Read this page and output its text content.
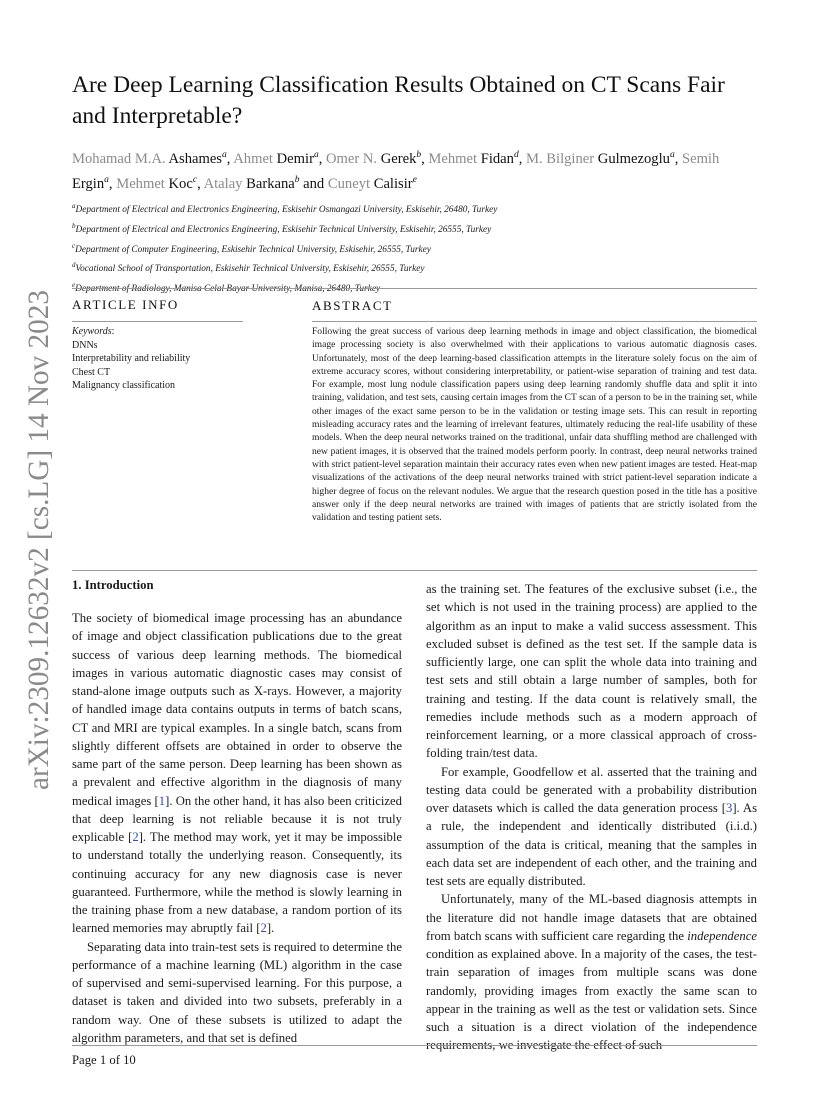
arXiv:2309.12632v2 [cs.LG] 14 Nov 2023
Are Deep Learning Classification Results Obtained on CT Scans Fair
and Interpretable?
Mohamad M.A. Ashames$^a$, Ahmet Demir$^a$, Omer N. Gerek$^b$, Mehmet Fidan$^d$, M. Bilginer Gulmezoglu$^a$, Semih Ergin$^a$, Mehmet Koc$^c$, Atalay Barkana$^b$ and Cuneyt Calisir$^e$
$^a$Department of Electrical and Electronics Engineering, Eskisehir Osmangazi University, Eskisehir, 26480, Turkey
$^b$Department of Electrical and Electronics Engineering, Eskisehir Technical University, Eskisehir, 26555, Turkey
$^c$Department of Computer Engineering, Eskisehir Technical University, Eskisehir, 26555, Turkey
$^d$Vocational School of Transportation, Eskisehir Technical University, Eskisehir, 26555, Turkey
$^e$Department of Radiology, Manisa Celal Bayar University, Manisa, 26480, Turkey
ARTICLE INFO
Keywords:
DNNs
Interpretability and reliability
Chest CT
Malignancy classification
ABSTRACT

Following the great success of various deep learning methods in image and object classification, the biomedical image processing society is also overwhelmed with their applications to various automatic diagnosis cases. Unfortunately, most of the deep learning-based classification attempts in the literature solely focus on the aim of extreme accuracy scores, without considering interpretability, or patient-wise separation of training and test data. For example, most lung nodule classification papers using deep learning randomly shuffle data and split it into training, validation, and test sets, causing certain images from the CT scan of a person to be in the training set, while other images of the exact same person to be in the validation or testing image sets. This can result in reporting misleading accuracy rates and the learning of irrelevant features, ultimately reducing the real-life usability of these models. When the deep neural networks trained on the traditional, unfair data shuffling method are challenged with new patient images, it is observed that the trained models perform poorly. In contrast, deep neural networks trained with strict patient-level separation maintain their accuracy rates even when new patient images are tested. Heat-map visualizations of the activations of the deep neural networks trained with strict patient-level separation indicate a higher degree of focus on the relevant nodules. We argue that the research question posed in the title has a positive answer only if the deep neural networks are trained with images of patients that are strictly isolated from the validation and testing patient sets.

1. Introduction

The society of biomedical image processing has an abundance of image and object classification publications due to the great success of various deep learning methods. The biomedical images in various automatic diagnostic cases may consist of stand-alone image outputs such as X-rays. However, a majority of handled image data contains outputs in terms of batch scans, CT and MRI are typical examples. In a single batch, scans from slightly different offsets are obtained in order to observe the same part of the same person. Deep learning has been shown as a prevalent and effective algorithm in the diagnosis of many medical images [1]. On the other hand, it has also been criticized that deep learning is not reliable because it is not truly explicable [2]. The method may work, yet it may be impossible to understand totally the underlying reason. Consequently, its continuing accuracy for any new diagnosis case is never guaranteed. Furthermore, while the method is slowly learning in the training phase from a new database, a random portion of its learned memories may abruptly fail [2].

Separating data into train-test sets is required to determine the performance of a machine learning (ML) algorithm in the case of supervised and semi-supervised learning. For this purpose, a dataset is taken and divided into two subsets, preferably in a random way. One of these subsets is utilized to adapt the algorithm parameters, and that set is defined

as the training set. The features of the exclusive subset (i.e., the set which is not used in the training process) are applied to the algorithm as an input to make a valid success assessment. This excluded subset is defined as the test set. If the sample data is sufficiently large, one can split the whole data into training and test sets and still obtain a large number of samples, both for training and testing. If the data count is relatively small, the remedies include methods such as a modern approach of reinforcement learning, or a more classical approach of cross-folding train/test data.

For example, Goodfellow et al. asserted that the training and testing data could be generated with a probability distribution over datasets which is called the data generation process [3]. As a rule, the independent and identically distributed (i.i.d.) assumption of the data is critical, meaning that the samples in each data set are independent of each other, and the training and test sets are equally distributed.

Unfortunately, many of the ML-based diagnosis attempts in the literature did not handle image datasets that are obtained from batch scans with sufficient care regarding the independence condition as explained above. In a majority of the cases, the test-train separation of images from multiple scans was done randomly, providing images from exactly the same scan to appear in the training as well as the test or validation sets. Since such a situation is a direct violation of the independence requirements, we investigate the effect of such

Page 1 of 10
